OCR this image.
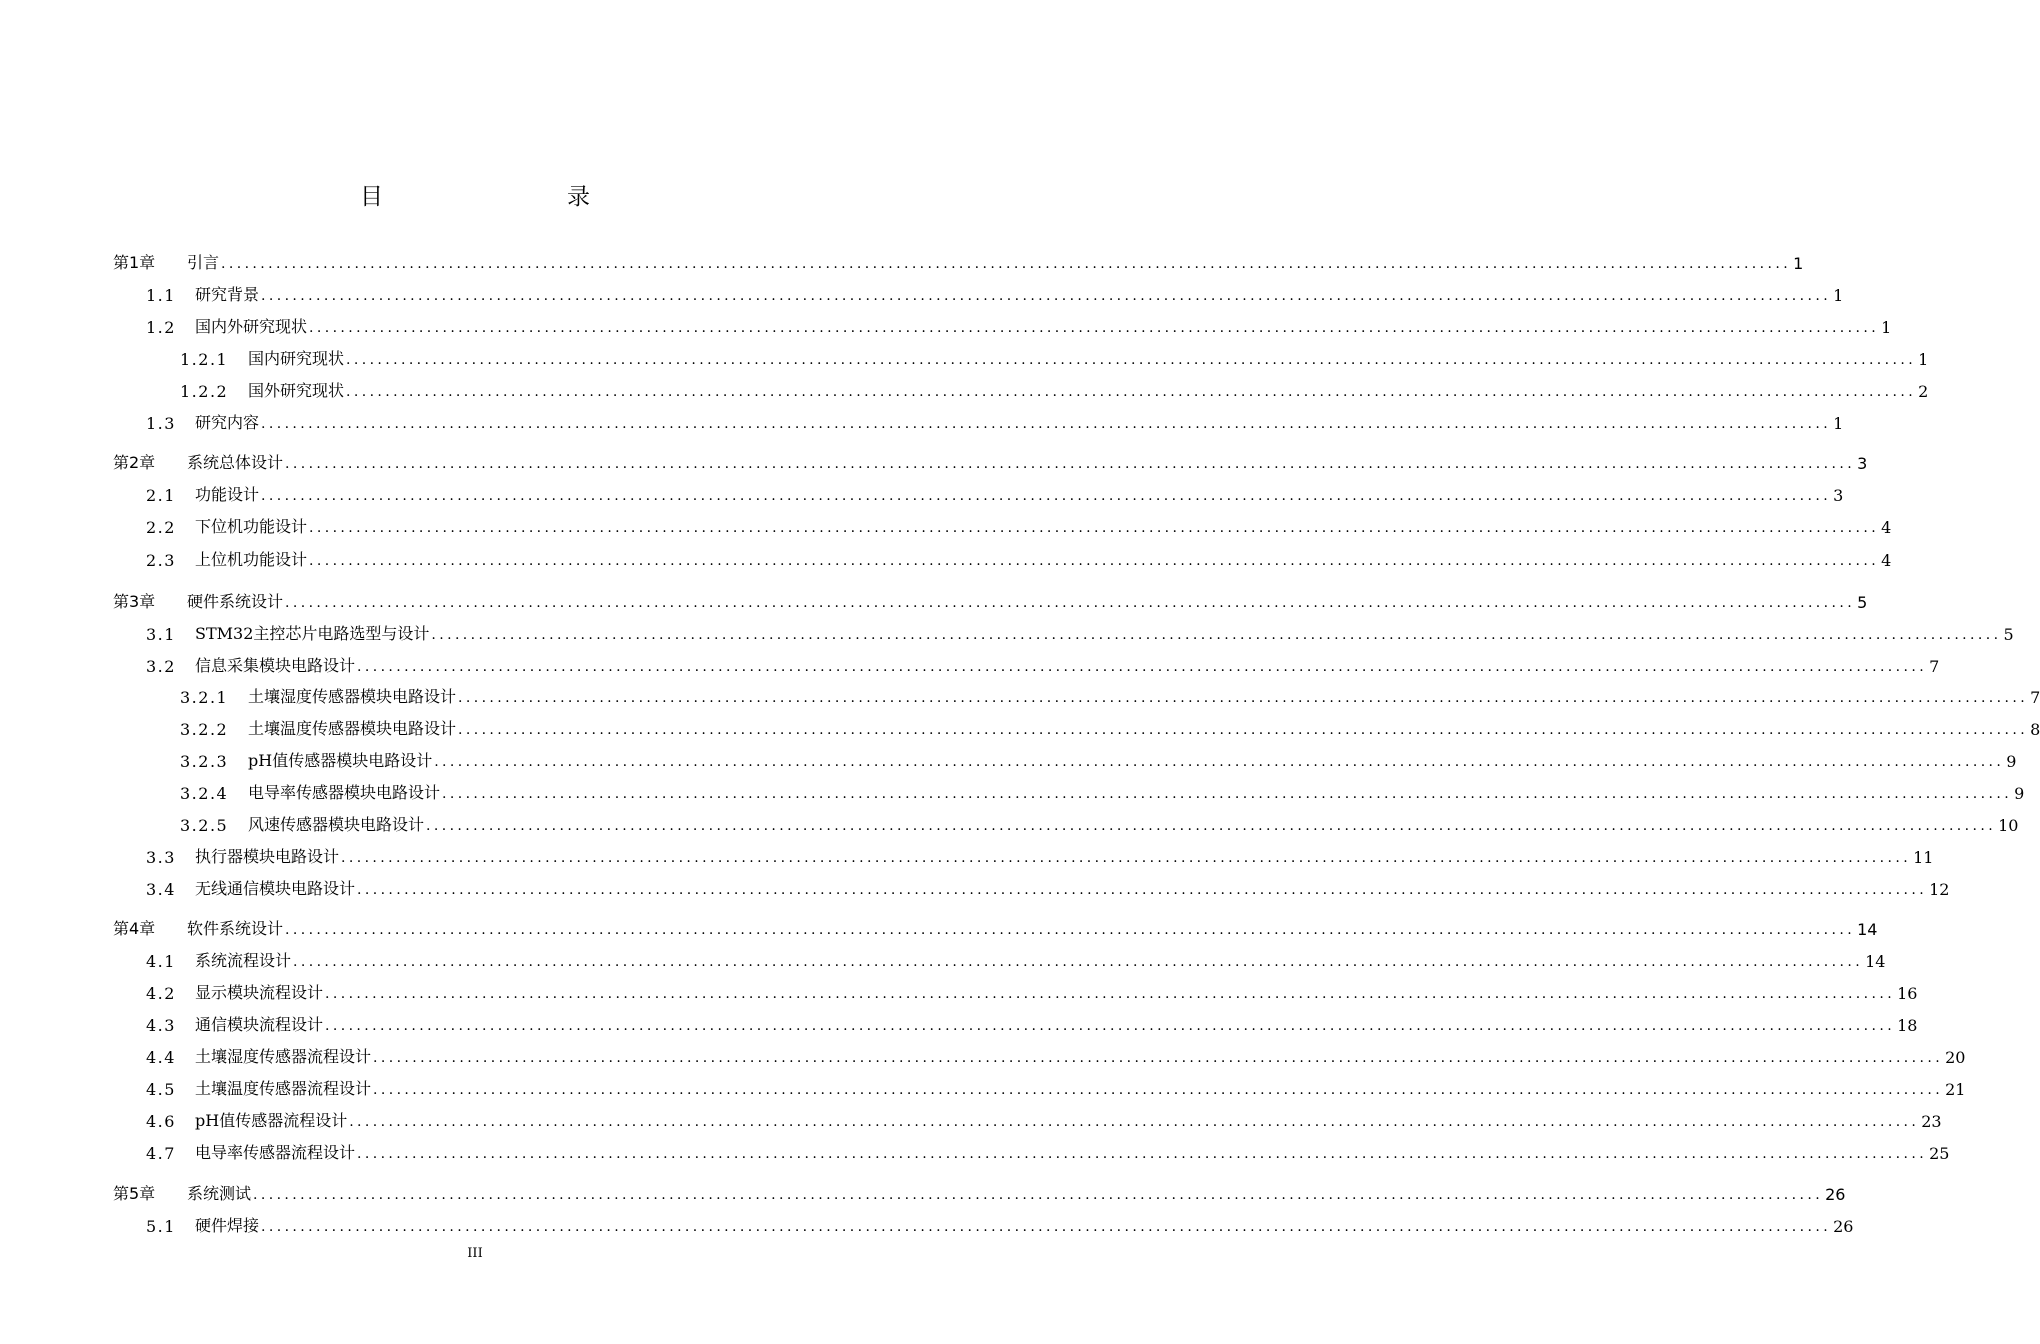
目　　录
第1章	引言 ........................................................................................................................................................................................................ 1
1.1	研究背景 ........................................................................................................................................................................................................ 1
1.2	国内外研究现状 ........................................................................................................................................................................................................ 1
1.2.1	国内研究现状 ........................................................................................................................................................................................................ 1
1.2.2	国外研究现状 ........................................................................................................................................................................................................ 2
1.3	研究内容 ........................................................................................................................................................................................................ 1
第2章	系统总体设计 ........................................................................................................................................................................................................ 3
2.1	功能设计 ........................................................................................................................................................................................................ 3
2.2	下位机功能设计 ........................................................................................................................................................................................................ 4
2.3	上位机功能设计 ........................................................................................................................................................................................................ 4
第3章	硬件系统设计 ........................................................................................................................................................................................................ 5
3.1	STM32主控芯片电路选型与设计 ........................................................................................................................................................................................................ 5
3.2	信息采集模块电路设计 ........................................................................................................................................................................................................ 7
3.2.1	土壤湿度传感器模块电路设计 ........................................................................................................................................................................................................ 7
3.2.2	土壤温度传感器模块电路设计 ........................................................................................................................................................................................................ 8
3.2.3	pH值传感器模块电路设计 ........................................................................................................................................................................................................ 9
3.2.4	电导率传感器模块电路设计 ........................................................................................................................................................................................................ 9
3.2.5	风速传感器模块电路设计 ........................................................................................................................................................................................................ 10
3.3	执行器模块电路设计 ........................................................................................................................................................................................................ 11
3.4	无线通信模块电路设计 ........................................................................................................................................................................................................ 12
第4章	软件系统设计 ........................................................................................................................................................................................................ 14
4.1	系统流程设计 ........................................................................................................................................................................................................ 14
4.2	显示模块流程设计 ........................................................................................................................................................................................................ 16
4.3	通信模块流程设计 ........................................................................................................................................................................................................ 18
4.4	土壤湿度传感器流程设计 ........................................................................................................................................................................................................ 20
4.5	土壤温度传感器流程设计 ........................................................................................................................................................................................................ 21
4.6	pH值传感器流程设计 ........................................................................................................................................................................................................ 23
4.7	电导率传感器流程设计 ........................................................................................................................................................................................................ 25
第5章	系统测试 ........................................................................................................................................................................................................ 26
5.1	硬件焊接 ........................................................................................................................................................................................................ 26
III
